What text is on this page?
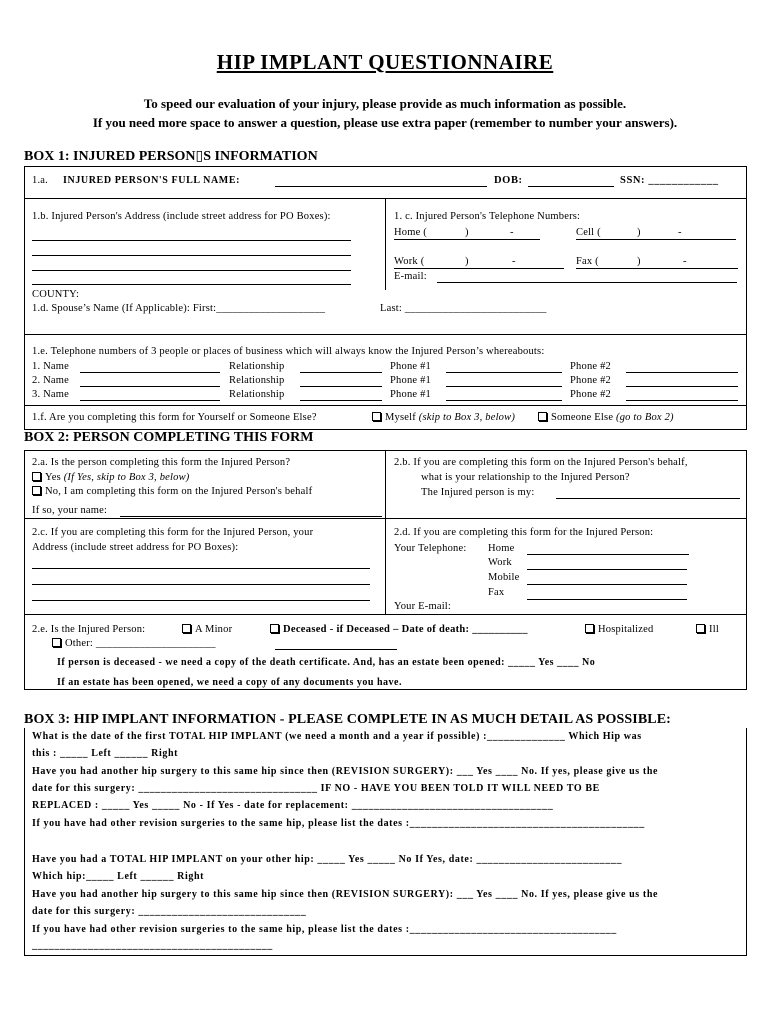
HIP IMPLANT QUESTIONNAIRE
To speed our evaluation of your injury, please provide as much information as possible.
If you need more space to answer a question, please use extra paper (remember to number your answers).
BOX 1: INJURED PERSON▯S INFORMATION
1.a. INJURED PERSON'S FULL NAME:	DOB:	SSN: ____________
1.b. Injured Person's Address (include street address for PO Boxes):	1. c. Injured Person's Telephone Numbers:
Home (	)	-	Cell (	)	-
Work (	)	-	Fax (	)	-
E-mail:
COUNTY:
1.d. Spouse’s Name (If Applicable): First:____________________	Last: __________________________
1.e. Telephone numbers of 3 people or places of business which will always know the Injured Person’s whereabouts:
1. Name	Relationship	Phone #1	Phone #2
2. Name	Relationship	Phone #1	Phone #2
3. Name	Relationship	Phone #1	Phone #2
1.f. Are you completing this form for Yourself or Someone Else?	Myself (skip to Box 3, below)	Someone Else (go to Box 2)
BOX 2: PERSON COMPLETING THIS FORM
2.a. Is the person completing this form the Injured Person?
Yes (If Yes, skip to Box 3, below)
No, I am completing this form on the Injured Person's behalf
If so, your name:
2.b. If you are completing this form on the Injured Person's behalf,
what is your relationship to the Injured Person?
The Injured person is my:
2.c. If you are completing this form for the Injured Person, your
Address (include street address for PO Boxes):
2.d. If you are completing this form for the Injured Person:
Your Telephone: Home
Work
Mobile
Fax
Your E-mail:
2.e. Is the Injured Person:	A Minor	Deceased - if Deceased – Date of death: __________	Hospitalized	Ill
Other: ______________________
If person is deceased - we need a copy of the death certificate. And, has an estate been opened: _____ Yes ____ No
If an estate has been opened, we need a copy of any documents you have.
BOX 3: HIP IMPLANT INFORMATION - PLEASE COMPLETE IN AS MUCH DETAIL AS POSSIBLE:
What is the date of the first TOTAL HIP IMPLANT (we need a month and a year if possible) :______________ Which Hip was
this : _____ Left ______ Right
Have you had another hip surgery to this same hip since then (REVISION SURGERY): ___ Yes ____ No. If yes, please give us the
date for this surgery: ________________________________ IF NO - HAVE YOU BEEN TOLD IT WILL NEED TO BE
REPLACED : _____ Yes _____ No - If Yes - date for replacement: ____________________________________
If you have had other revision surgeries to the same hip, please list the dates :__________________________________________
Have you had a TOTAL HIP IMPLANT on your other hip: _____ Yes _____ No If Yes, date: __________________________
Which hip:_____ Left ______ Right
Have you had another hip surgery to this same hip since then (REVISION SURGERY): ___ Yes ____ No. If yes, please give us the
date for this surgery: ______________________________
If you have had other revision surgeries to the same hip, please list the dates :_____________________________________
___________________________________________
